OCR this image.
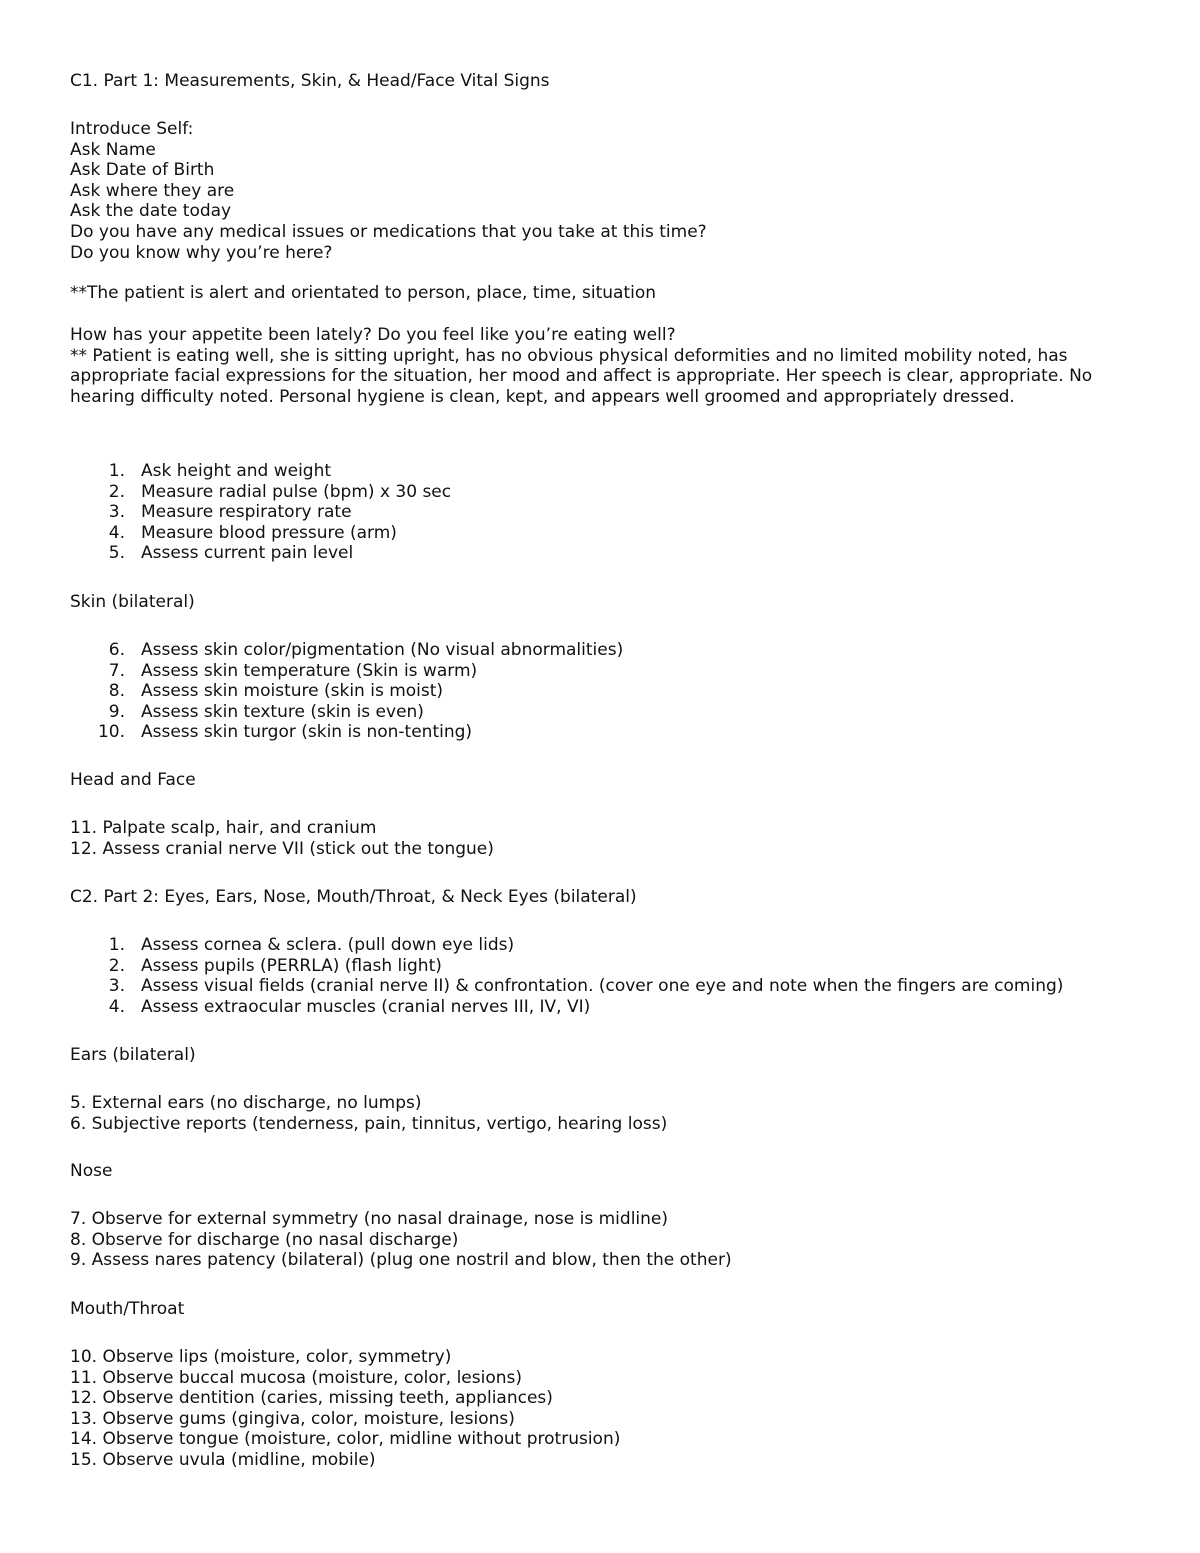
C1. Part 1: Measurements, Skin, & Head/Face Vital Signs

Introduce Self:

Ask Name

Ask Date of Birth

Ask where they are

Ask the date today

Do you have any medical issues or medications that you take at this time?

Do you know why you’re here?

**The patient is alert and orientated to person, place, time, situation

How has your appetite been lately? Do you feel like you’re eating well?

** Patient is eating well, she is sitting upright, has no obvious physical deformities and no limited mobility noted, has appropriate facial expressions for the situation, her mood and affect is appropriate. Her speech is clear, appropriate. No hearing difficulty noted. Personal hygiene is clean, kept, and appears well groomed and appropriately dressed.

1. Ask height and weight
2. Measure radial pulse (bpm) x 30 sec
3. Measure respiratory rate
4. Measure blood pressure (arm)
5. Assess current pain level

Skin (bilateral)

6. Assess skin color/pigmentation (No visual abnormalities)
7. Assess skin temperature (Skin is warm)
8. Assess skin moisture (skin is moist)
9. Assess skin texture (skin is even)
10. Assess skin turgor (skin is non-tenting)

Head and Face

11. Palpate scalp, hair, and cranium

12. Assess cranial nerve VII (stick out the tongue)

C2. Part 2: Eyes, Ears, Nose, Mouth/Throat, & Neck Eyes (bilateral)

1. Assess cornea & sclera. (pull down eye lids)
2. Assess pupils (PERRLA) (flash light)
3. Assess visual fields (cranial nerve II) & confrontation. (cover one eye and note when the fingers are coming)
4. Assess extraocular muscles (cranial nerves III, IV, VI)

Ears (bilateral)

5. External ears (no discharge, no lumps)

6. Subjective reports (tenderness, pain, tinnitus, vertigo, hearing loss)

Nose

7. Observe for external symmetry (no nasal drainage, nose is midline)

8. Observe for discharge (no nasal discharge)

9. Assess nares patency (bilateral) (plug one nostril and blow, then the other)

Mouth/Throat

10. Observe lips (moisture, color, symmetry)

11. Observe buccal mucosa (moisture, color, lesions)

12. Observe dentition (caries, missing teeth, appliances)

13. Observe gums (gingiva, color, moisture, lesions)

14. Observe tongue (moisture, color, midline without protrusion)

15. Observe uvula (midline, mobile)
